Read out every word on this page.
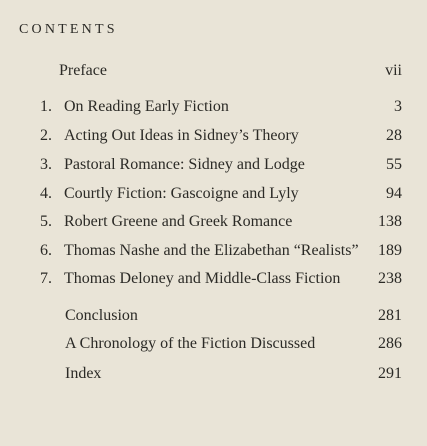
CONTENTS
Preface	vii
1. On Reading Early Fiction	3
2. Acting Out Ideas in Sidney’s Theory	28
3. Pastoral Romance: Sidney and Lodge	55
4. Courtly Fiction: Gascoigne and Lyly	94
5. Robert Greene and Greek Romance	138
6. Thomas Nashe and the Elizabethan “Realists” 189
7. Thomas Deloney and Middle-Class Fiction 238
Conclusion	281
A Chronology of the Fiction Discussed	286
Index	291
